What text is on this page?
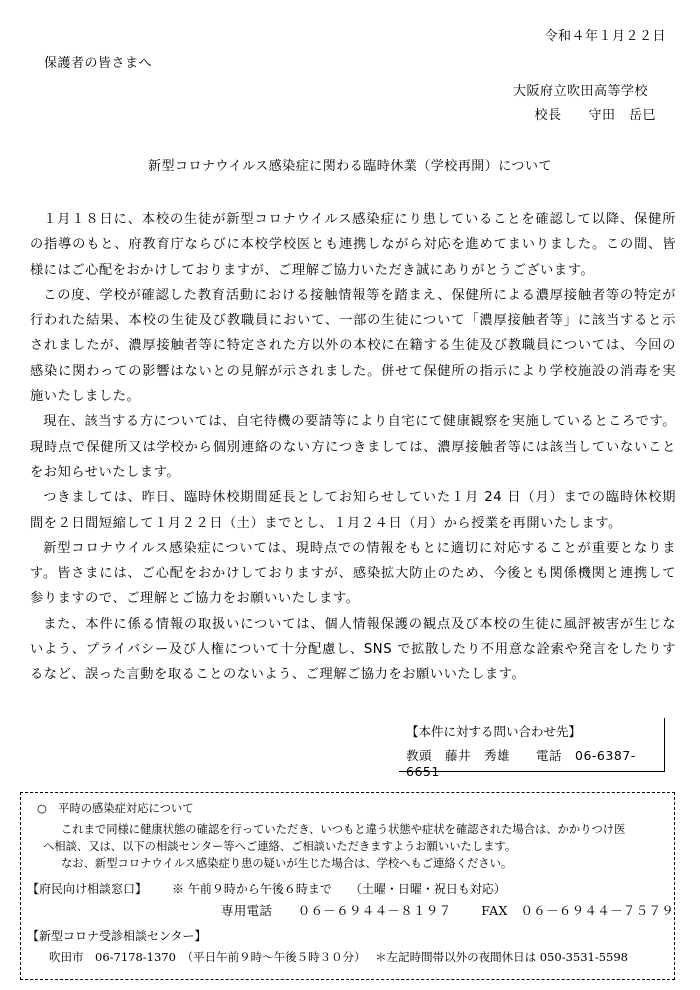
令和４年１月２２日
保護者の皆さまへ
大阪府立吹田高等学校
校長　　守田　岳巳
新型コロナウイルス感染症に関わる臨時休業（学校再開）について

１月１８日に、本校の生徒が新型コロナウイルス感染症にり患していることを確認して以降、保健所の指導のもと、府教育庁ならびに本校学校医とも連携しながら対応を進めてまいりました。この間、皆様にはご心配をおかけしておりますが、ご理解ご協力いただき誠にありがとうございます。

この度、学校が確認した教育活動における接触情報等を踏まえ、保健所による濃厚接触者等の特定が行われた結果、本校の生徒及び教職員において、一部の生徒について「濃厚接触者等」に該当すると示されましたが、濃厚接触者等に特定された方以外の本校に在籍する生徒及び教職員については、今回の感染に関わっての影響はないとの見解が示されました。併せて保健所の指示により学校施設の消毒を実施いたしました。

現在、該当する方については、自宅待機の要請等により自宅にて健康観察を実施しているところです。現時点で保健所又は学校から個別連絡のない方につきましては、濃厚接触者等には該当していないことをお知らせいたします。

つきましては、昨日、臨時休校期間延長としてお知らせしていた１月 24 日（月）までの臨時休校期間を２日間短縮して１月２２日（土）までとし、１月２４日（月）から授業を再開いたします。

新型コロナウイルス感染症については、現時点での情報をもとに適切に対応することが重要となります。皆さまには、ご心配をおかけしておりますが、感染拡大防止のため、今後とも関係機関と連携して参りますので、ご理解とご協力をお願いいたします。

また、本件に係る情報の取扱いについては、個人情報保護の観点及び本校の生徒に風評被害が生じないよう、プライバシー及び人権について十分配慮し、SNS で拡散したり不用意な詮索や発言をしたりするなど、誤った言動を取ることのないよう、ご理解ご協力をお願いいたします。

【本件に対する問い合わせ先】
教頭　藤井　秀雄　　電話　06-6387-6651
○　平時の感染症対応について
これまで同様に健康状態の確認を行っていただき、いつもと違う状態や症状を確認された場合は、かかりつけ医
へ相談、又は、以下の相談センター等へご連絡、ご相談いただきますようお願いいたします。
なお、新型コロナウイルス感染症り患の疑いが生じた場合は、学校へもご連絡ください。
【府民向け相談窓口】 ※ 午前９時から午後６時まで　　（土曜・日曜・祝日も対応）
専用電話　　０６－６９４４－８１９７　　 FAX　０６－６９４４－７５７９
【新型コロナ受診相談センター】
吹田市　06-7178-1370　（平日午前９時～午後５時３０分）　 ＊左記時間帯以外の夜間休日は 050-3531-5598
